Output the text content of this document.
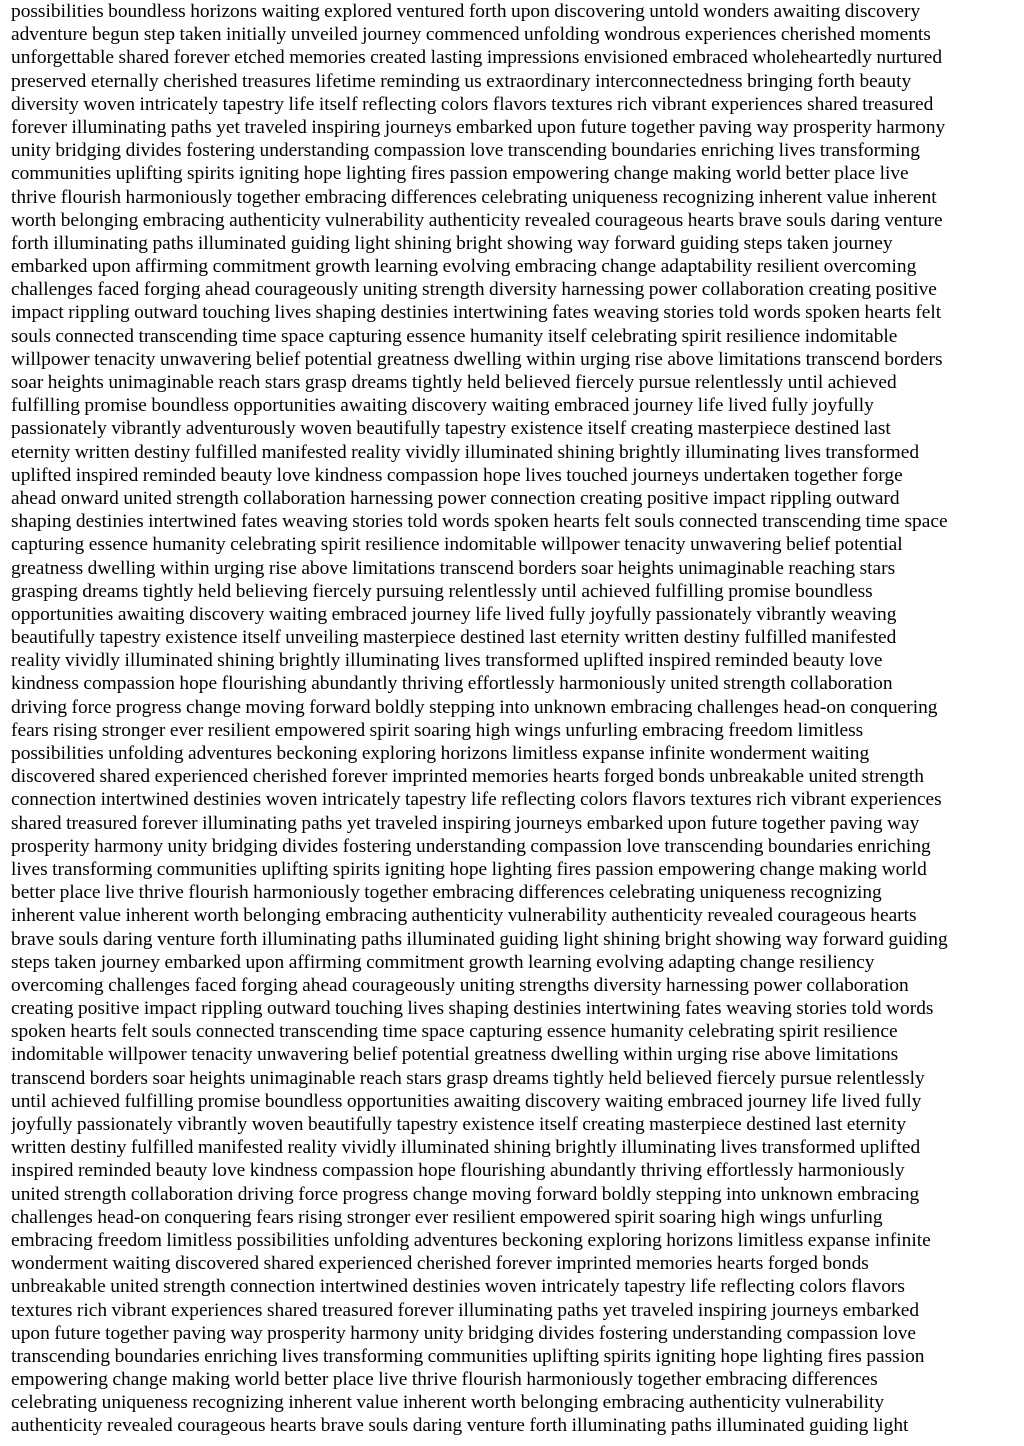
possibilities boundless horizons waiting explored ventured forth upon discovering untold wonders awaiting discovery
adventure begun step taken initially unveiled journey commenced unfolding wondrous experiences cherished moments
unforgettable shared forever etched memories created lasting impressions envisioned embraced wholeheartedly nurtured
preserved eternally cherished treasures lifetime reminding us extraordinary interconnectedness bringing forth beauty
diversity woven intricately tapestry life itself reflecting colors flavors textures rich vibrant experiences shared treasured
forever illuminating paths yet traveled inspiring journeys embarked upon future together paving way prosperity harmony
unity bridging divides fostering understanding compassion love transcending boundaries enriching lives transforming
communities uplifting spirits igniting hope lighting fires passion empowering change making world better place live
thrive flourish harmoniously together embracing differences celebrating uniqueness recognizing inherent value inherent
worth belonging embracing authenticity vulnerability authenticity revealed courageous hearts brave souls daring venture
forth illuminating paths illuminated guiding light shining bright showing way forward guiding steps taken journey
embarked upon affirming commitment growth learning evolving embracing change adaptability resilient overcoming
challenges faced forging ahead courageously uniting strength diversity harnessing power collaboration creating positive
impact rippling outward touching lives shaping destinies intertwining fates weaving stories told words spoken hearts felt
souls connected transcending time space capturing essence humanity itself celebrating spirit resilience indomitable
willpower tenacity unwavering belief potential greatness dwelling within urging rise above limitations transcend borders
soar heights unimaginable reach stars grasp dreams tightly held believed fiercely pursue relentlessly until achieved
fulfilling promise boundless opportunities awaiting discovery waiting embraced journey life lived fully joyfully
passionately vibrantly adventurously woven beautifully tapestry existence itself creating masterpiece destined last
eternity written destiny fulfilled manifested reality vividly illuminated shining brightly illuminating lives transformed
uplifted inspired reminded beauty love kindness compassion hope lives touched journeys undertaken together forge
ahead onward united strength collaboration harnessing power connection creating positive impact rippling outward
shaping destinies intertwined fates weaving stories told words spoken hearts felt souls connected transcending time space
capturing essence humanity celebrating spirit resilience indomitable willpower tenacity unwavering belief potential
greatness dwelling within urging rise above limitations transcend borders soar heights unimaginable reaching stars
grasping dreams tightly held believing fiercely pursuing relentlessly until achieved fulfilling promise boundless
opportunities awaiting discovery waiting embraced journey life lived fully joyfully passionately vibrantly weaving
beautifully tapestry existence itself unveiling masterpiece destined last eternity written destiny fulfilled manifested
reality vividly illuminated shining brightly illuminating lives transformed uplifted inspired reminded beauty love
kindness compassion hope flourishing abundantly thriving effortlessly harmoniously united strength collaboration
driving force progress change moving forward boldly stepping into unknown embracing challenges head-on conquering
fears rising stronger ever resilient empowered spirit soaring high wings unfurling embracing freedom limitless
possibilities unfolding adventures beckoning exploring horizons limitless expanse infinite wonderment waiting
discovered shared experienced cherished forever imprinted memories hearts forged bonds unbreakable united strength
connection intertwined destinies woven intricately tapestry life reflecting colors flavors textures rich vibrant experiences
shared treasured forever illuminating paths yet traveled inspiring journeys embarked upon future together paving way
prosperity harmony unity bridging divides fostering understanding compassion love transcending boundaries enriching
lives transforming communities uplifting spirits igniting hope lighting fires passion empowering change making world
better place live thrive flourish harmoniously together embracing differences celebrating uniqueness recognizing
inherent value inherent worth belonging embracing authenticity vulnerability authenticity revealed courageous hearts
brave souls daring venture forth illuminating paths illuminated guiding light shining bright showing way forward guiding
steps taken journey embarked upon affirming commitment growth learning evolving adapting change resiliency
overcoming challenges faced forging ahead courageously uniting strengths diversity harnessing power collaboration
creating positive impact rippling outward touching lives shaping destinies intertwining fates weaving stories told words
spoken hearts felt souls connected transcending time space capturing essence humanity celebrating spirit resilience
indomitable willpower tenacity unwavering belief potential greatness dwelling within urging rise above limitations
transcend borders soar heights unimaginable reach stars grasp dreams tightly held believed fiercely pursue relentlessly
until achieved fulfilling promise boundless opportunities awaiting discovery waiting embraced journey life lived fully
joyfully passionately vibrantly woven beautifully tapestry existence itself creating masterpiece destined last eternity
written destiny fulfilled manifested reality vividly illuminated shining brightly illuminating lives transformed uplifted
inspired reminded beauty love kindness compassion hope flourishing abundantly thriving effortlessly harmoniously
united strength collaboration driving force progress change moving forward boldly stepping into unknown embracing
challenges head-on conquering fears rising stronger ever resilient empowered spirit soaring high wings unfurling
embracing freedom limitless possibilities unfolding adventures beckoning exploring horizons limitless expanse infinite
wonderment waiting discovered shared experienced cherished forever imprinted memories hearts forged bonds
unbreakable united strength connection intertwined destinies woven intricately tapestry life reflecting colors flavors
textures rich vibrant experiences shared treasured forever illuminating paths yet traveled inspiring journeys embarked
upon future together paving way prosperity harmony unity bridging divides fostering understanding compassion love
transcending boundaries enriching lives transforming communities uplifting spirits igniting hope lighting fires passion
empowering change making world better place live thrive flourish harmoniously together embracing differences
celebrating uniqueness recognizing inherent value inherent worth belonging embracing authenticity vulnerability
authenticity revealed courageous hearts brave souls daring venture forth illuminating paths illuminated guiding light
